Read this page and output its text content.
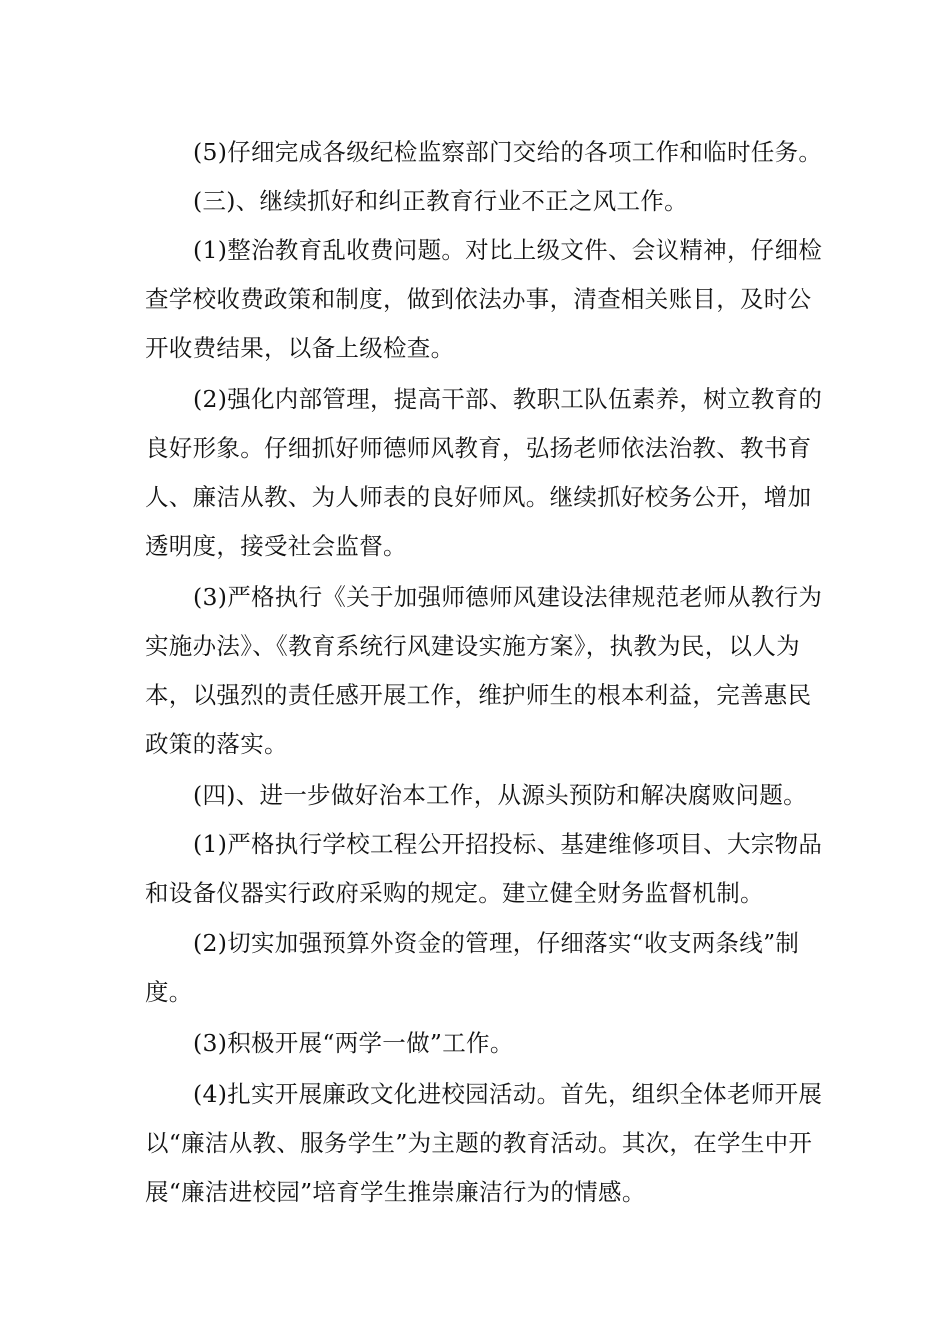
(5)仔细完成各级纪检监察部门交给的各项工作和临时任务。

(三)、继续抓好和纠正教育行业不正之风工作。

(1)整治教育乱收费问题。对比上级文件、会议精神，仔细检查学校收费政策和制度，做到依法办事，清查相关账目，及时公开收费结果，以备上级检查。

(2)强化内部管理，提高干部、教职工队伍素养，树立教育的良好形象。仔细抓好师德师风教育，弘扬老师依法治教、教书育人、廉洁从教、为人师表的良好师风。继续抓好校务公开，增加透明度，接受社会监督。

(3)严格执行《关于加强师德师风建设法律规范老师从教行为实施办法》、《教育系统行风建设实施方案》，执教为民，以人为本，以强烈的责任感开展工作，维护师生的根本利益，完善惠民政策的落实。

(四)、进一步做好治本工作，从源头预防和解决腐败问题。

(1)严格执行学校工程公开招投标、基建维修项目、大宗物品和设备仪器实行政府采购的规定。建立健全财务监督机制。

(2)切实加强预算外资金的管理，仔细落实“收支两条线”制度。

(3)积极开展“两学一做”工作。

(4)扎实开展廉政文化进校园活动。首先，组织全体老师开展以“廉洁从教、服务学生”为主题的教育活动。其次，在学生中开展“廉洁进校园”培育学生推崇廉洁行为的情感。
